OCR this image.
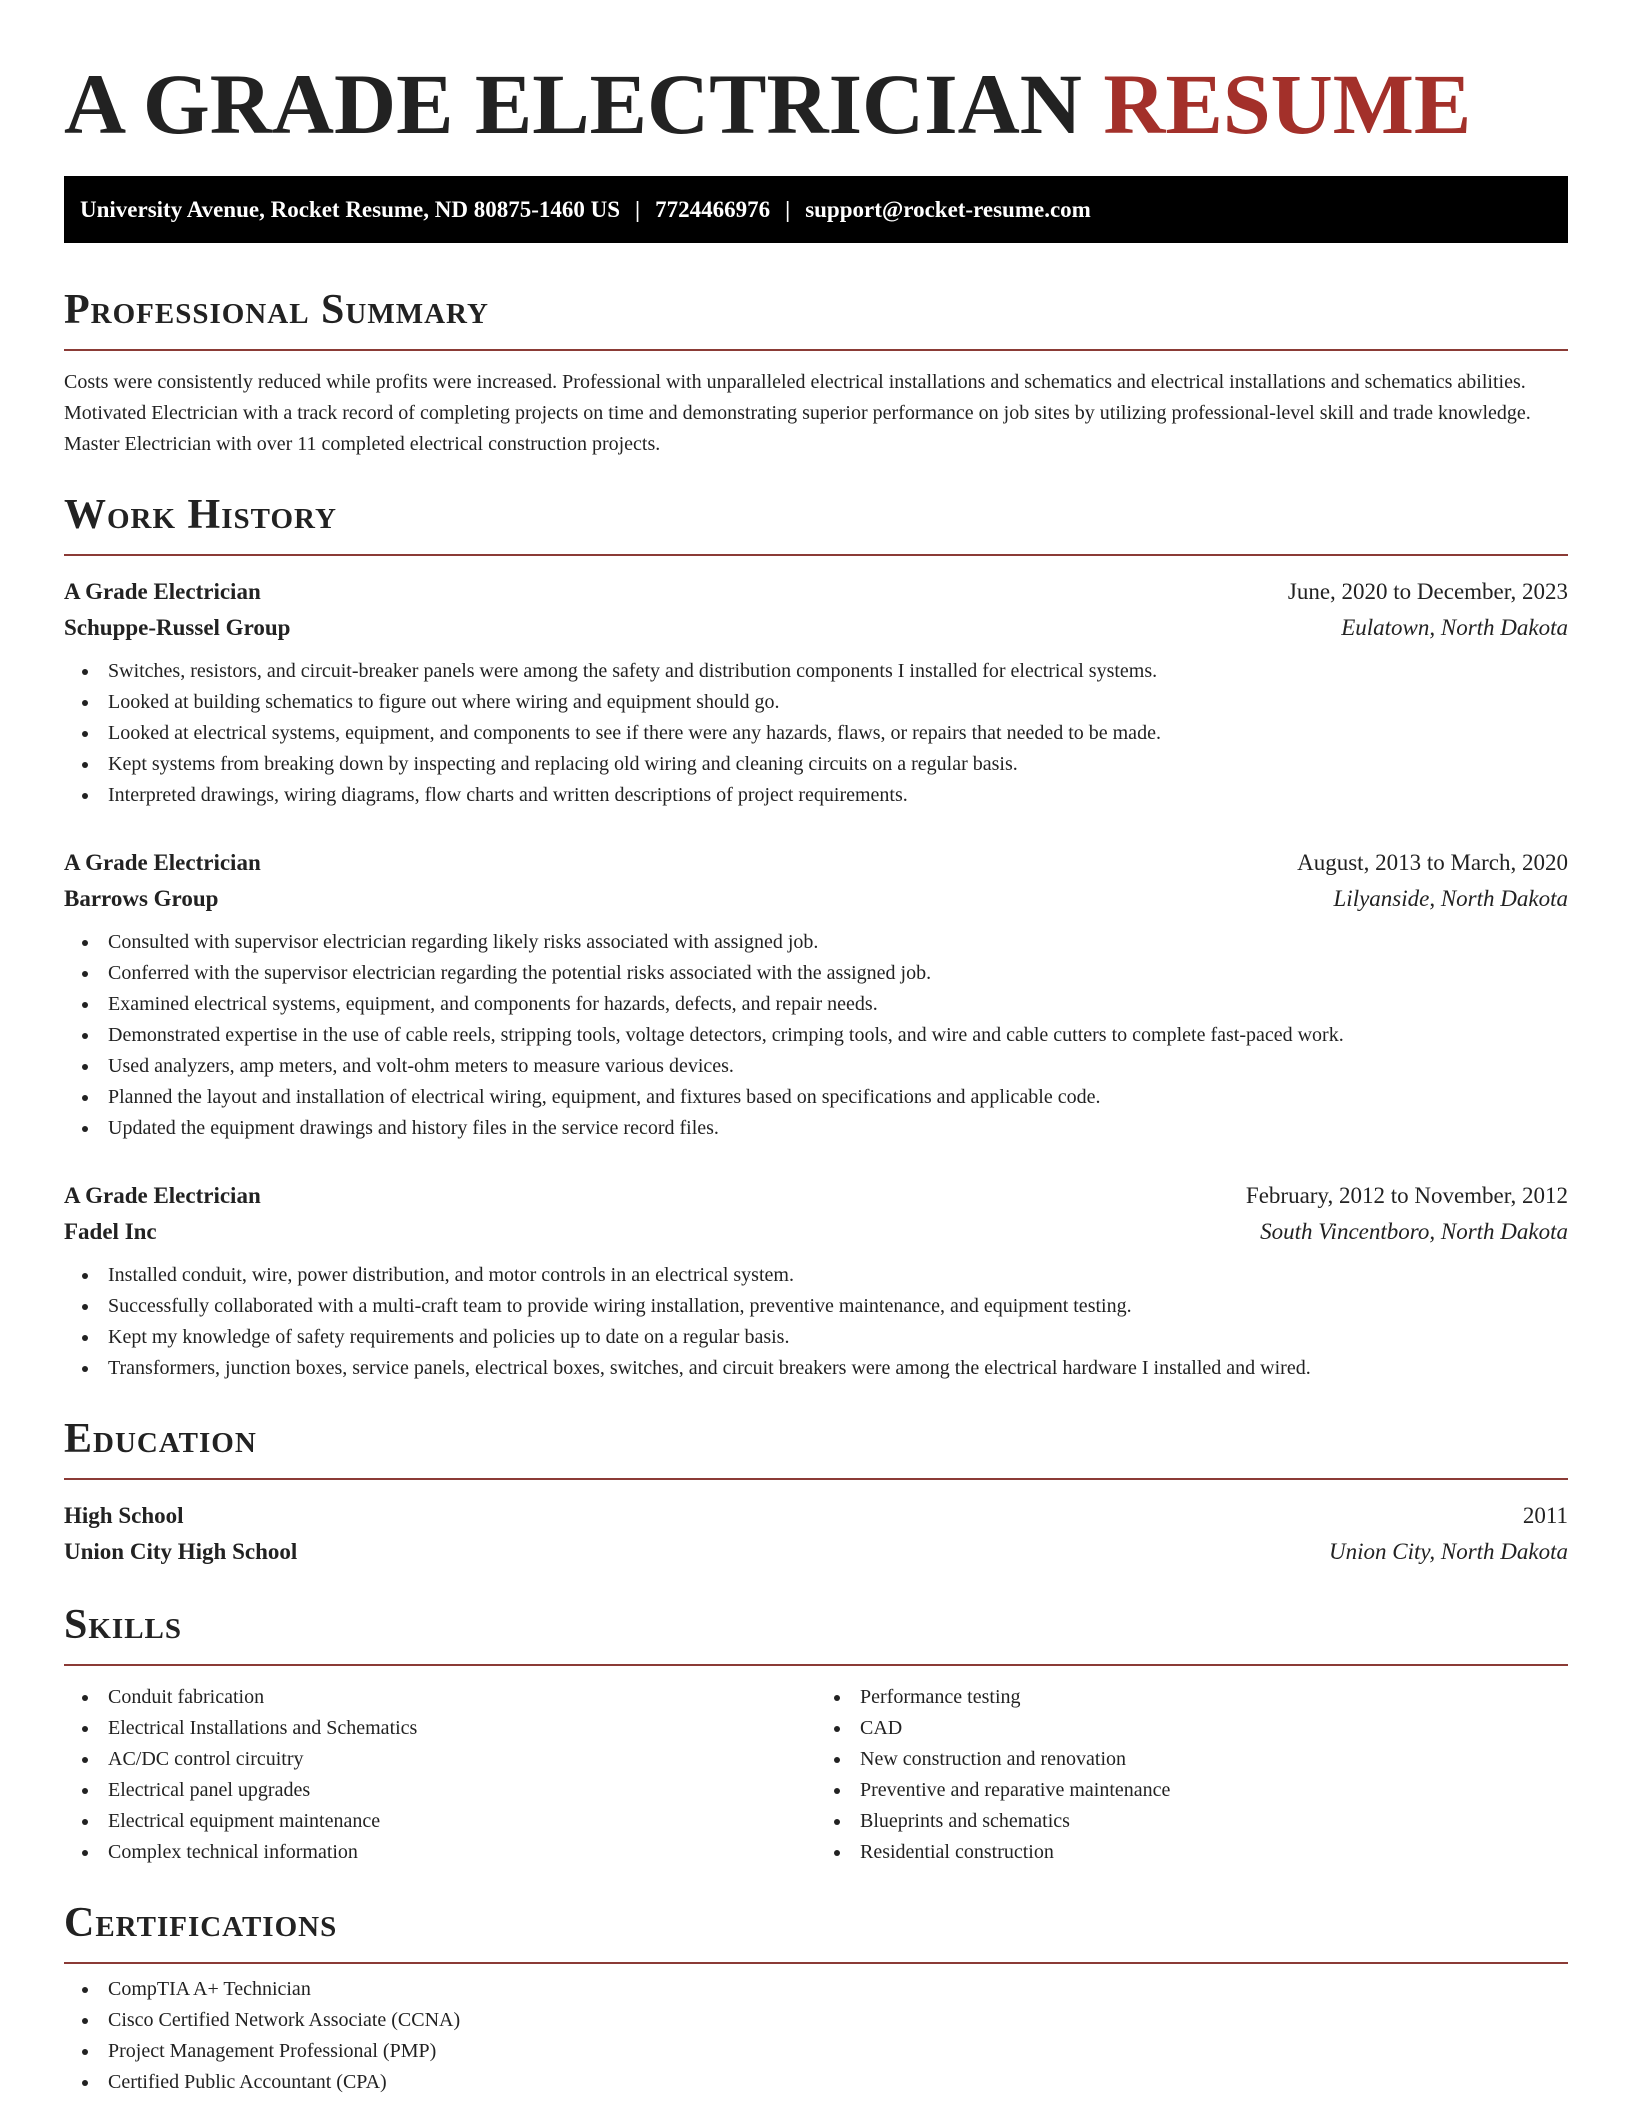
A GRADE ELECTRICIAN RESUME
University Avenue, Rocket Resume, ND 80875-1460 US | 7724466976 | support@rocket-resume.com
Professional Summary

Costs were consistently reduced while profits were increased. Professional with unparalleled electrical installations and schematics and electrical installations and schematics abilities. Motivated Electrician with a track record of completing projects on time and demonstrating superior performance on job sites by utilizing professional-level skill and trade knowledge. Master Electrician with over 11 completed electrical construction projects.

Work History
A Grade Electrician	June, 2020 to December, 2023
Schuppe-Russel Group	Eulatown, North Dakota
Switches, resistors, and circuit-breaker panels were among the safety and distribution components I installed for electrical systems.
Looked at building schematics to figure out where wiring and equipment should go.
Looked at electrical systems, equipment, and components to see if there were any hazards, flaws, or repairs that needed to be made.
Kept systems from breaking down by inspecting and replacing old wiring and cleaning circuits on a regular basis.
Interpreted drawings, wiring diagrams, flow charts and written descriptions of project requirements.
A Grade Electrician	August, 2013 to March, 2020
Barrows Group	Lilyanside, North Dakota
Consulted with supervisor electrician regarding likely risks associated with assigned job.
Conferred with the supervisor electrician regarding the potential risks associated with the assigned job.
Examined electrical systems, equipment, and components for hazards, defects, and repair needs.
Demonstrated expertise in the use of cable reels, stripping tools, voltage detectors, crimping tools, and wire and cable cutters to complete fast-paced work.
Used analyzers, amp meters, and volt-ohm meters to measure various devices.
Planned the layout and installation of electrical wiring, equipment, and fixtures based on specifications and applicable code.
Updated the equipment drawings and history files in the service record files.
A Grade Electrician	February, 2012 to November, 2012
Fadel Inc	South Vincentboro, North Dakota
Installed conduit, wire, power distribution, and motor controls in an electrical system.
Successfully collaborated with a multi-craft team to provide wiring installation, preventive maintenance, and equipment testing.
Kept my knowledge of safety requirements and policies up to date on a regular basis.
Transformers, junction boxes, service panels, electrical boxes, switches, and circuit breakers were among the electrical hardware I installed and wired.
Education
High School	2011
Union City High School	Union City, North Dakota
Skills
Conduit fabrication
Electrical Installations and Schematics
AC/DC control circuitry
Electrical panel upgrades
Electrical equipment maintenance
Complex technical information
Performance testing
CAD
New construction and renovation
Preventive and reparative maintenance
Blueprints and schematics
Residential construction
Certifications
CompTIA A+ Technician
Cisco Certified Network Associate (CCNA)
Project Management Professional (PMP)
Certified Public Accountant (CPA)
